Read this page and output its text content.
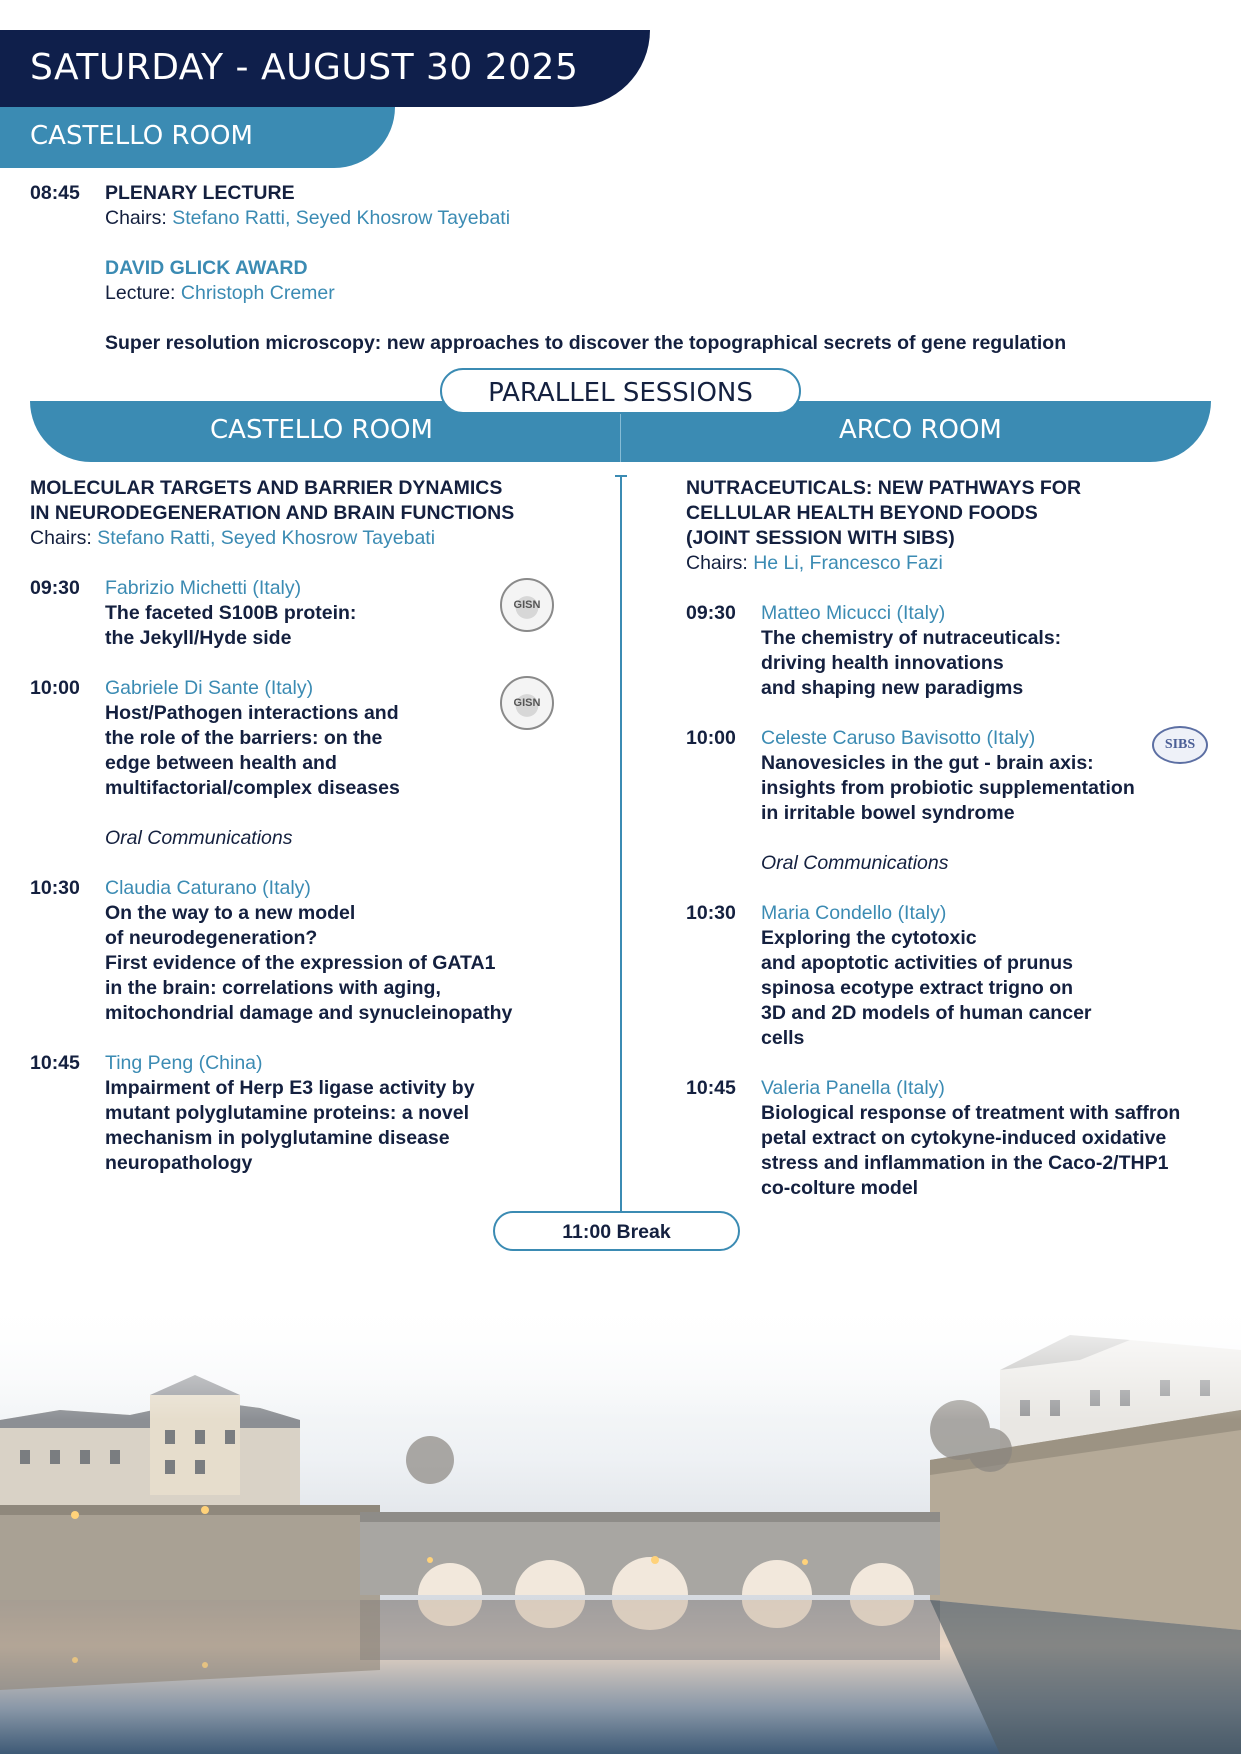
SATURDAY - AUGUST 30 2025
CASTELLO ROOM
08:45 PLENARY LECTURE
Chairs: Stefano Ratti, Seyed Khosrow Tayebati
DAVID GLICK AWARD
Lecture: Christoph Cremer
Super resolution microscopy: new approaches to discover the topographical secrets of gene regulation
CASTELLO ROOM	ARCO ROOM
PARALLEL SESSIONS
MOLECULAR TARGETS AND BARRIER DYNAMICS
IN NEURODEGENERATION AND BRAIN FUNCTIONS
Chairs: Stefano Ratti, Seyed Khosrow Tayebati
09:30 Fabrizio Michetti (Italy)
The faceted S100B protein:
the Jekyll/Hyde side
GISN
10:00 Gabriele Di Sante (Italy)
Host/Pathogen interactions and
the role of the barriers: on the
edge between health and
multifactorial/complex diseases
GISN
Oral Communications
10:30 Claudia Caturano (Italy)
On the way to a new model
of neurodegeneration?
First evidence of the expression of GATA1
in the brain: correlations with aging,
mitochondrial damage and synucleinopathy
10:45 Ting Peng (China)
Impairment of Herp E3 ligase activity by
mutant polyglutamine proteins: a novel
mechanism in polyglutamine disease
neuropathology
NUTRACEUTICALS: NEW PATHWAYS FOR
CELLULAR HEALTH BEYOND FOODS
(JOINT SESSION WITH SIBS)
Chairs: He Li, Francesco Fazi
09:30 Matteo Micucci (Italy)
The chemistry of nutraceuticals:
driving health innovations
and shaping new paradigms
10:00 Celeste Caruso Bavisotto (Italy)
Nanovesicles in the gut - brain axis:
insights from probiotic supplementation
in irritable bowel syndrome
SIBS
Oral Communications
10:30 Maria Condello (Italy)
Exploring the cytotoxic
and apoptotic activities of prunus
spinosa ecotype extract trigno on
3D and 2D models of human cancer
cells
10:45 Valeria Panella (Italy)
Biological response of treatment with saffron
petal extract on cytokyne-induced oxidative
stress and inflammation in the Caco-2/THP1
co-colture model
11:00 Break
